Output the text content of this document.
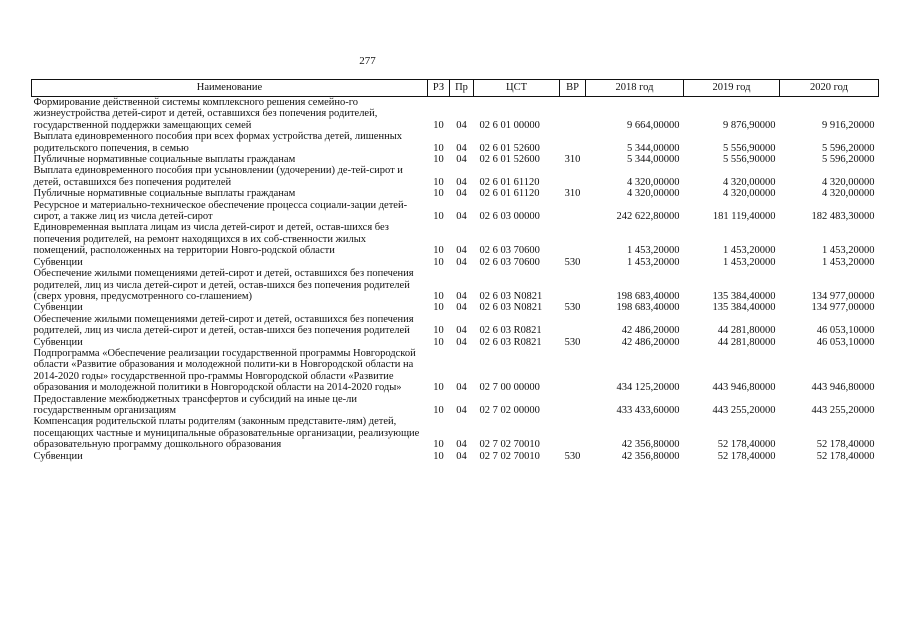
277
Наименование	РЗ	Пр	ЦСТ	ВР	2018 год	2019 год	2020 год
Формирование действенной системы комплексного решения семейно-го жизнеустройства детей-сирот и детей, оставшихся без попечения родителей, государственной поддержки замещающих семей	10	04	02 6 01 00000		9 664,00000	9 876,90000	9 916,20000
Выплата единовременного пособия при всех формах устройства детей, лишенных родительского попечения, в семью	10	04	02 6 01 52600		5 344,00000	5 556,90000	5 596,20000
Публичные нормативные социальные выплаты гражданам	10	04	02 6 01 52600	310	5 344,00000	5 556,90000	5 596,20000
Выплата единовременного пособия при усыновлении (удочерении) де-тей-сирот и детей, оставшихся без попечения родителей	10	04	02 6 01 61120		4 320,00000	4 320,00000	4 320,00000
Публичные нормативные социальные выплаты гражданам	10	04	02 6 01 61120	310	4 320,00000	4 320,00000	4 320,00000
Ресурсное и материально-техническое обеспечение процесса социали-зации детей-сирот, а также лиц из числа детей-сирот	10	04	02 6 03 00000		242 622,80000	181 119,40000	182 483,30000
Единовременная выплата лицам из числа детей-сирот и детей, остав-шихся без попечения родителей, на ремонт находящихся в их соб-ственности жилых помещений, расположенных на территории Новго-родской области	10	04	02 6 03 70600		1 453,20000	1 453,20000	1 453,20000
Субвенции	10	04	02 6 03 70600	530	1 453,20000	1 453,20000	1 453,20000
Обеспечение жилыми помещениями детей-сирот и детей, оставшихся без попечения родителей, лиц из числа детей-сирот и детей, остав-шихся без попечения родителей (сверх уровня, предусмотренного со-глашением)	10	04	02 6 03 N0821		198 683,40000	135 384,40000	134 977,00000
Субвенции	10	04	02 6 03 N0821	530	198 683,40000	135 384,40000	134 977,00000
Обеспечение жилыми помещениями детей-сирот и детей, оставшихся без попечения родителей, лиц из числа детей-сирот и детей, остав-шихся без попечения родителей	10	04	02 6 03 R0821		42 486,20000	44 281,80000	46 053,10000
Субвенции	10	04	02 6 03 R0821	530	42 486,20000	44 281,80000	46 053,10000
Подпрограмма «Обеспечение реализации государственной программы Новгородской области «Развитие образования и молодежной полити-ки в Новгородской области на 2014-2020 годы» государственной про-граммы Новгородской области «Развитие образования и молодежной политики в Новгородской области на 2014-2020 годы»	10	04	02 7 00 00000		434 125,20000	443 946,80000	443 946,80000
Предоставление межбюджетных трансфертов и субсидий на иные це-ли государственным организациям	10	04	02 7 02 00000		433 433,60000	443 255,20000	443 255,20000
Компенсация родительской платы родителям (законным представите-лям) детей, посещающих частные и муниципальные образовательные организации, реализующие образовательную программу дошкольного образования	10	04	02 7 02 70010		42 356,80000	52 178,40000	52 178,40000
Субвенции	10	04	02 7 02 70010	530	42 356,80000	52 178,40000	52 178,40000
